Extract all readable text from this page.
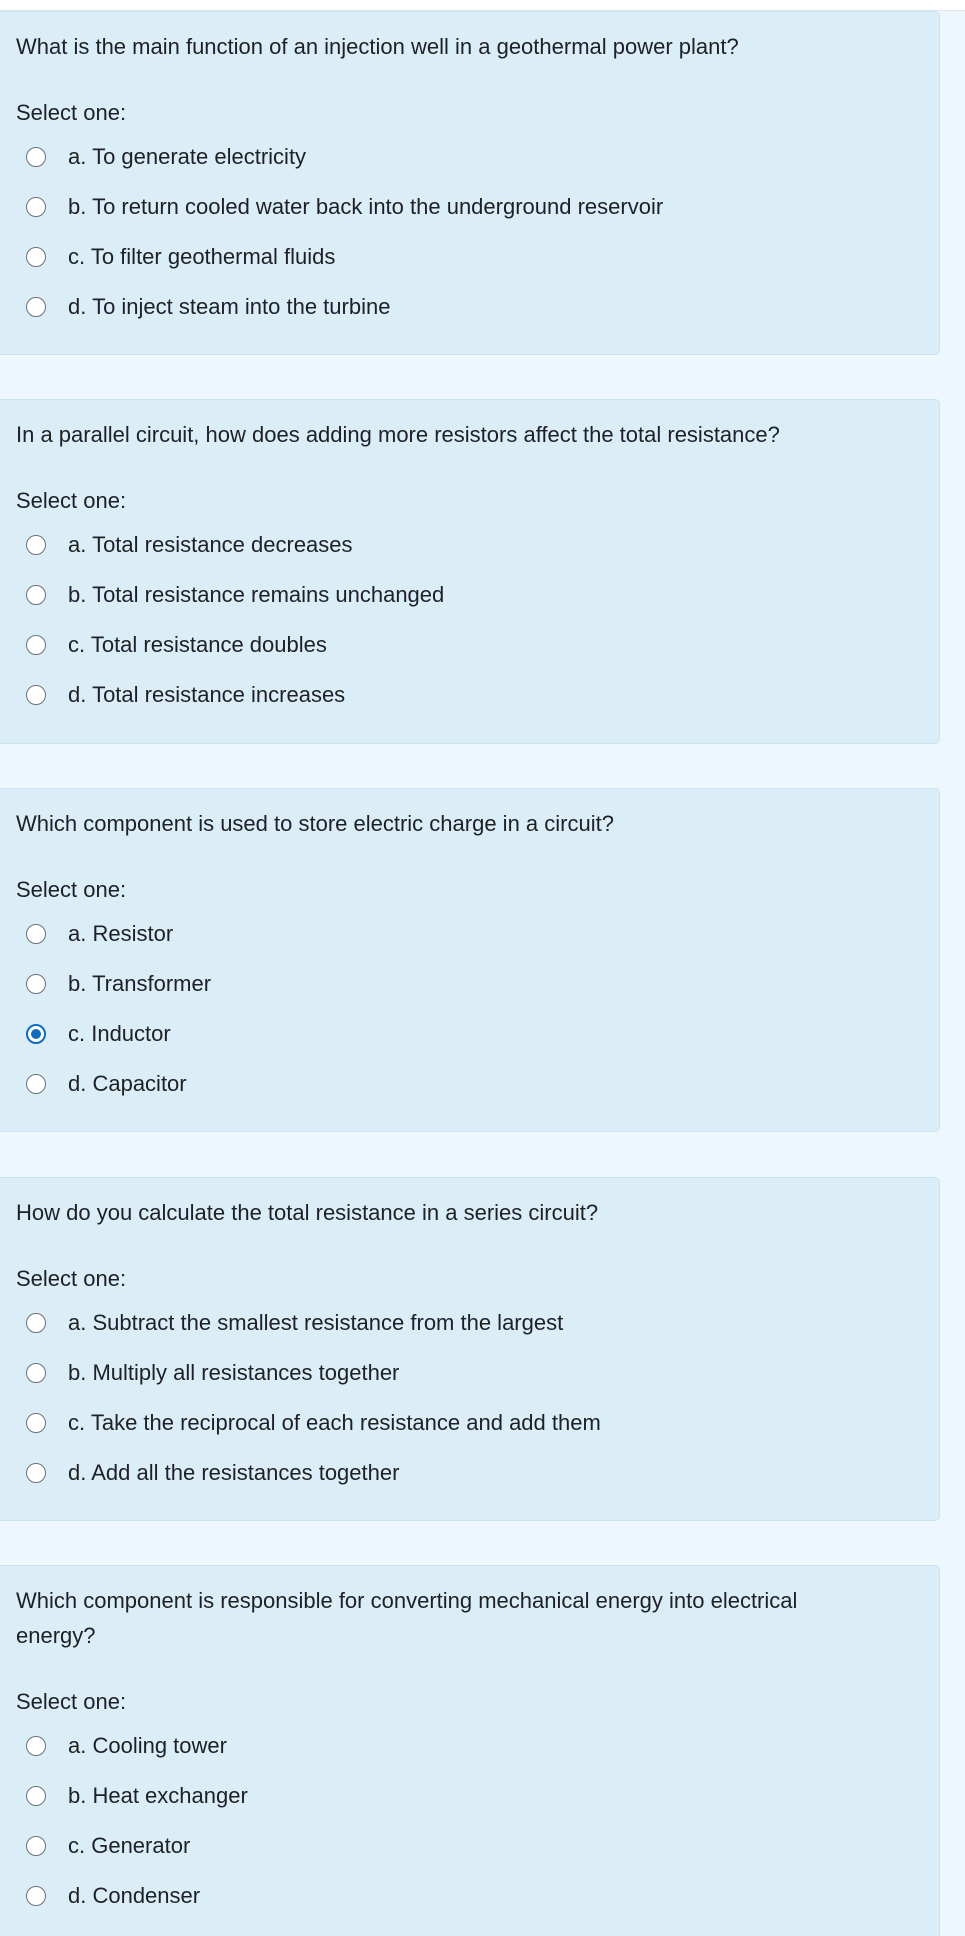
What is the main function of an injection well in a geothermal power plant?

Select one:

a. To generate electricity
b. To return cooled water back into the underground reservoir
c. To filter geothermal fluids
d. To inject steam into the turbine

In a parallel circuit, how does adding more resistors affect the total resistance?

Select one:

a. Total resistance decreases
b. Total resistance remains unchanged
c. Total resistance doubles
d. Total resistance increases

Which component is used to store electric charge in a circuit?

Select one:

a. Resistor
b. Transformer
c. Inductor
d. Capacitor

How do you calculate the total resistance in a series circuit?

Select one:

a. Subtract the smallest resistance from the largest
b. Multiply all resistances together
c. Take the reciprocal of each resistance and add them
d. Add all the resistances together

Which component is responsible for converting mechanical energy into electrical energy?

Select one:

a. Cooling tower
b. Heat exchanger
c. Generator
d. Condenser
